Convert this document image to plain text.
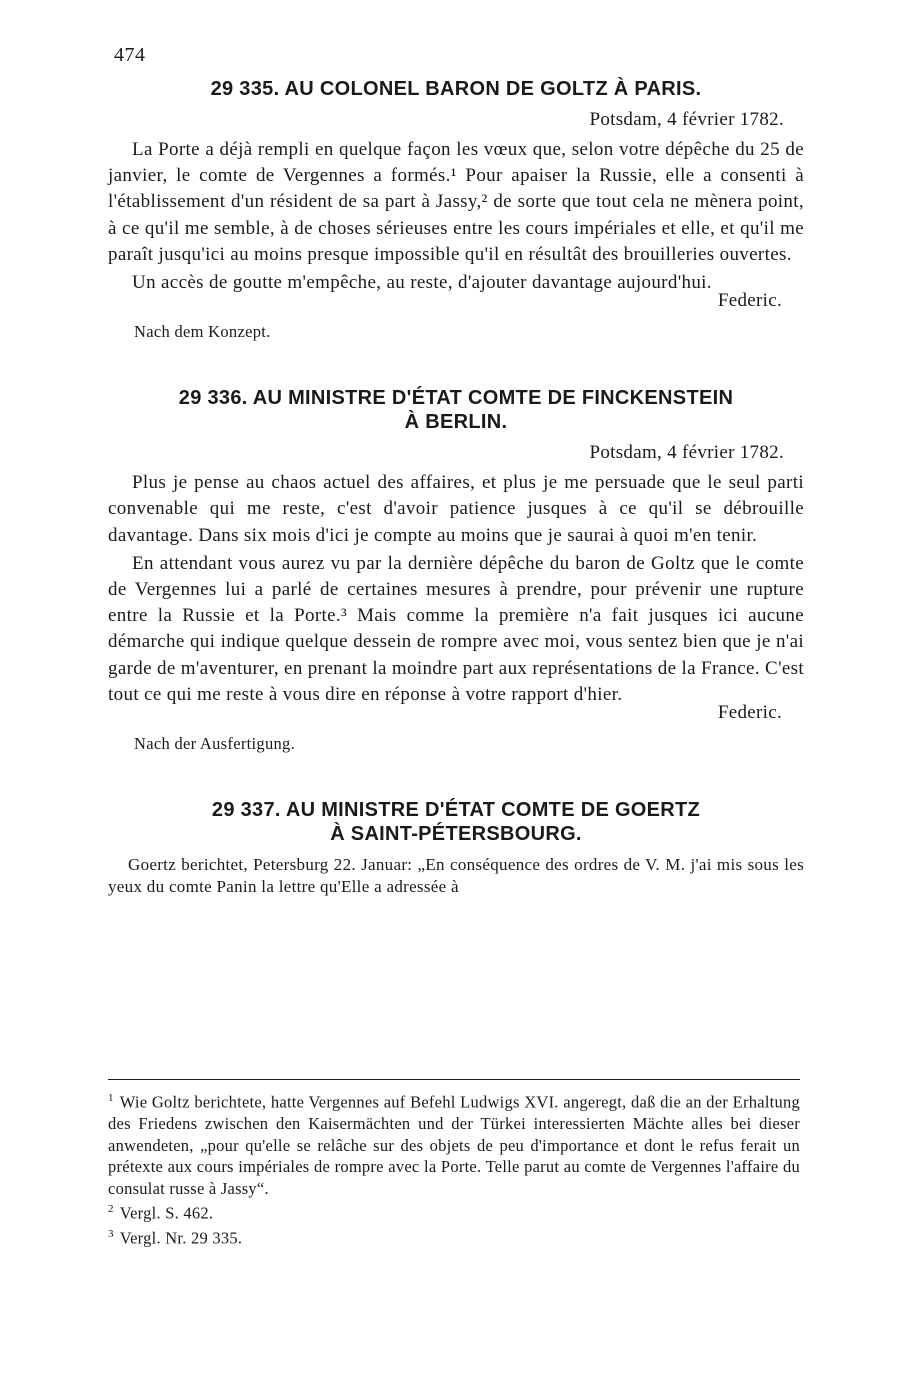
474
29 335. AU COLONEL BARON DE GOLTZ À PARIS.
Potsdam, 4 février 1782.

La Porte a déjà rempli en quelque façon les vœux que, selon votre dépêche du 25 de janvier, le comte de Vergennes a formés.¹ Pour apaiser la Russie, elle a consenti à l'établissement d'un résident de sa part à Jassy,² de sorte que tout cela ne mènera point, à ce qu'il me semble, à de choses sérieuses entre les cours impériales et elle, et qu'il me paraît jusqu'ici au moins presque impossible qu'il en résultât des brouilleries ouvertes.

Un accès de goutte m'empêche, au reste, d'ajouter davantage aujourd'hui.

Federic.
Nach dem Konzept.
29 336. AU MINISTRE D'ÉTAT COMTE DE FINCKENSTEIN
À BERLIN.
Potsdam, 4 février 1782.

Plus je pense au chaos actuel des affaires, et plus je me persuade que le seul parti convenable qui me reste, c'est d'avoir patience jusques à ce qu'il se débrouille davantage. Dans six mois d'ici je compte au moins que je saurai à quoi m'en tenir.

En attendant vous aurez vu par la dernière dépêche du baron de Goltz que le comte de Vergennes lui a parlé de certaines mesures à prendre, pour prévenir une rupture entre la Russie et la Porte.³ Mais comme la première n'a fait jusques ici aucune démarche qui indique quelque dessein de rompre avec moi, vous sentez bien que je n'ai garde de m'aventurer, en prenant la moindre part aux représentations de la France. C'est tout ce qui me reste à vous dire en réponse à votre rapport d'hier.

Federic.
Nach der Ausfertigung.
29 337. AU MINISTRE D'ÉTAT COMTE DE GOERTZ
À SAINT-PÉTERSBOURG.

Goertz berichtet, Petersburg 22. Januar: „En conséquence des ordres de V. M. j'ai mis sous les yeux du comte Panin la lettre qu'Elle a adressée à

$^1$ Wie Goltz berichtete, hatte Vergennes auf Befehl Ludwigs XVI. angeregt, daß die an der Erhaltung des Friedens zwischen den Kaisermächten und der Türkei interessierten Mächte alles bei dieser anwendeten, „pour qu'elle se relâche sur des objets de peu d'importance et dont le refus ferait un prétexte aux cours impériales de rompre avec la Porte. Telle parut au comte de Vergennes l'affaire du consulat russe à Jassy“.

$^2$ Vergl. S. 462.

$^3$ Vergl. Nr. 29 335.
